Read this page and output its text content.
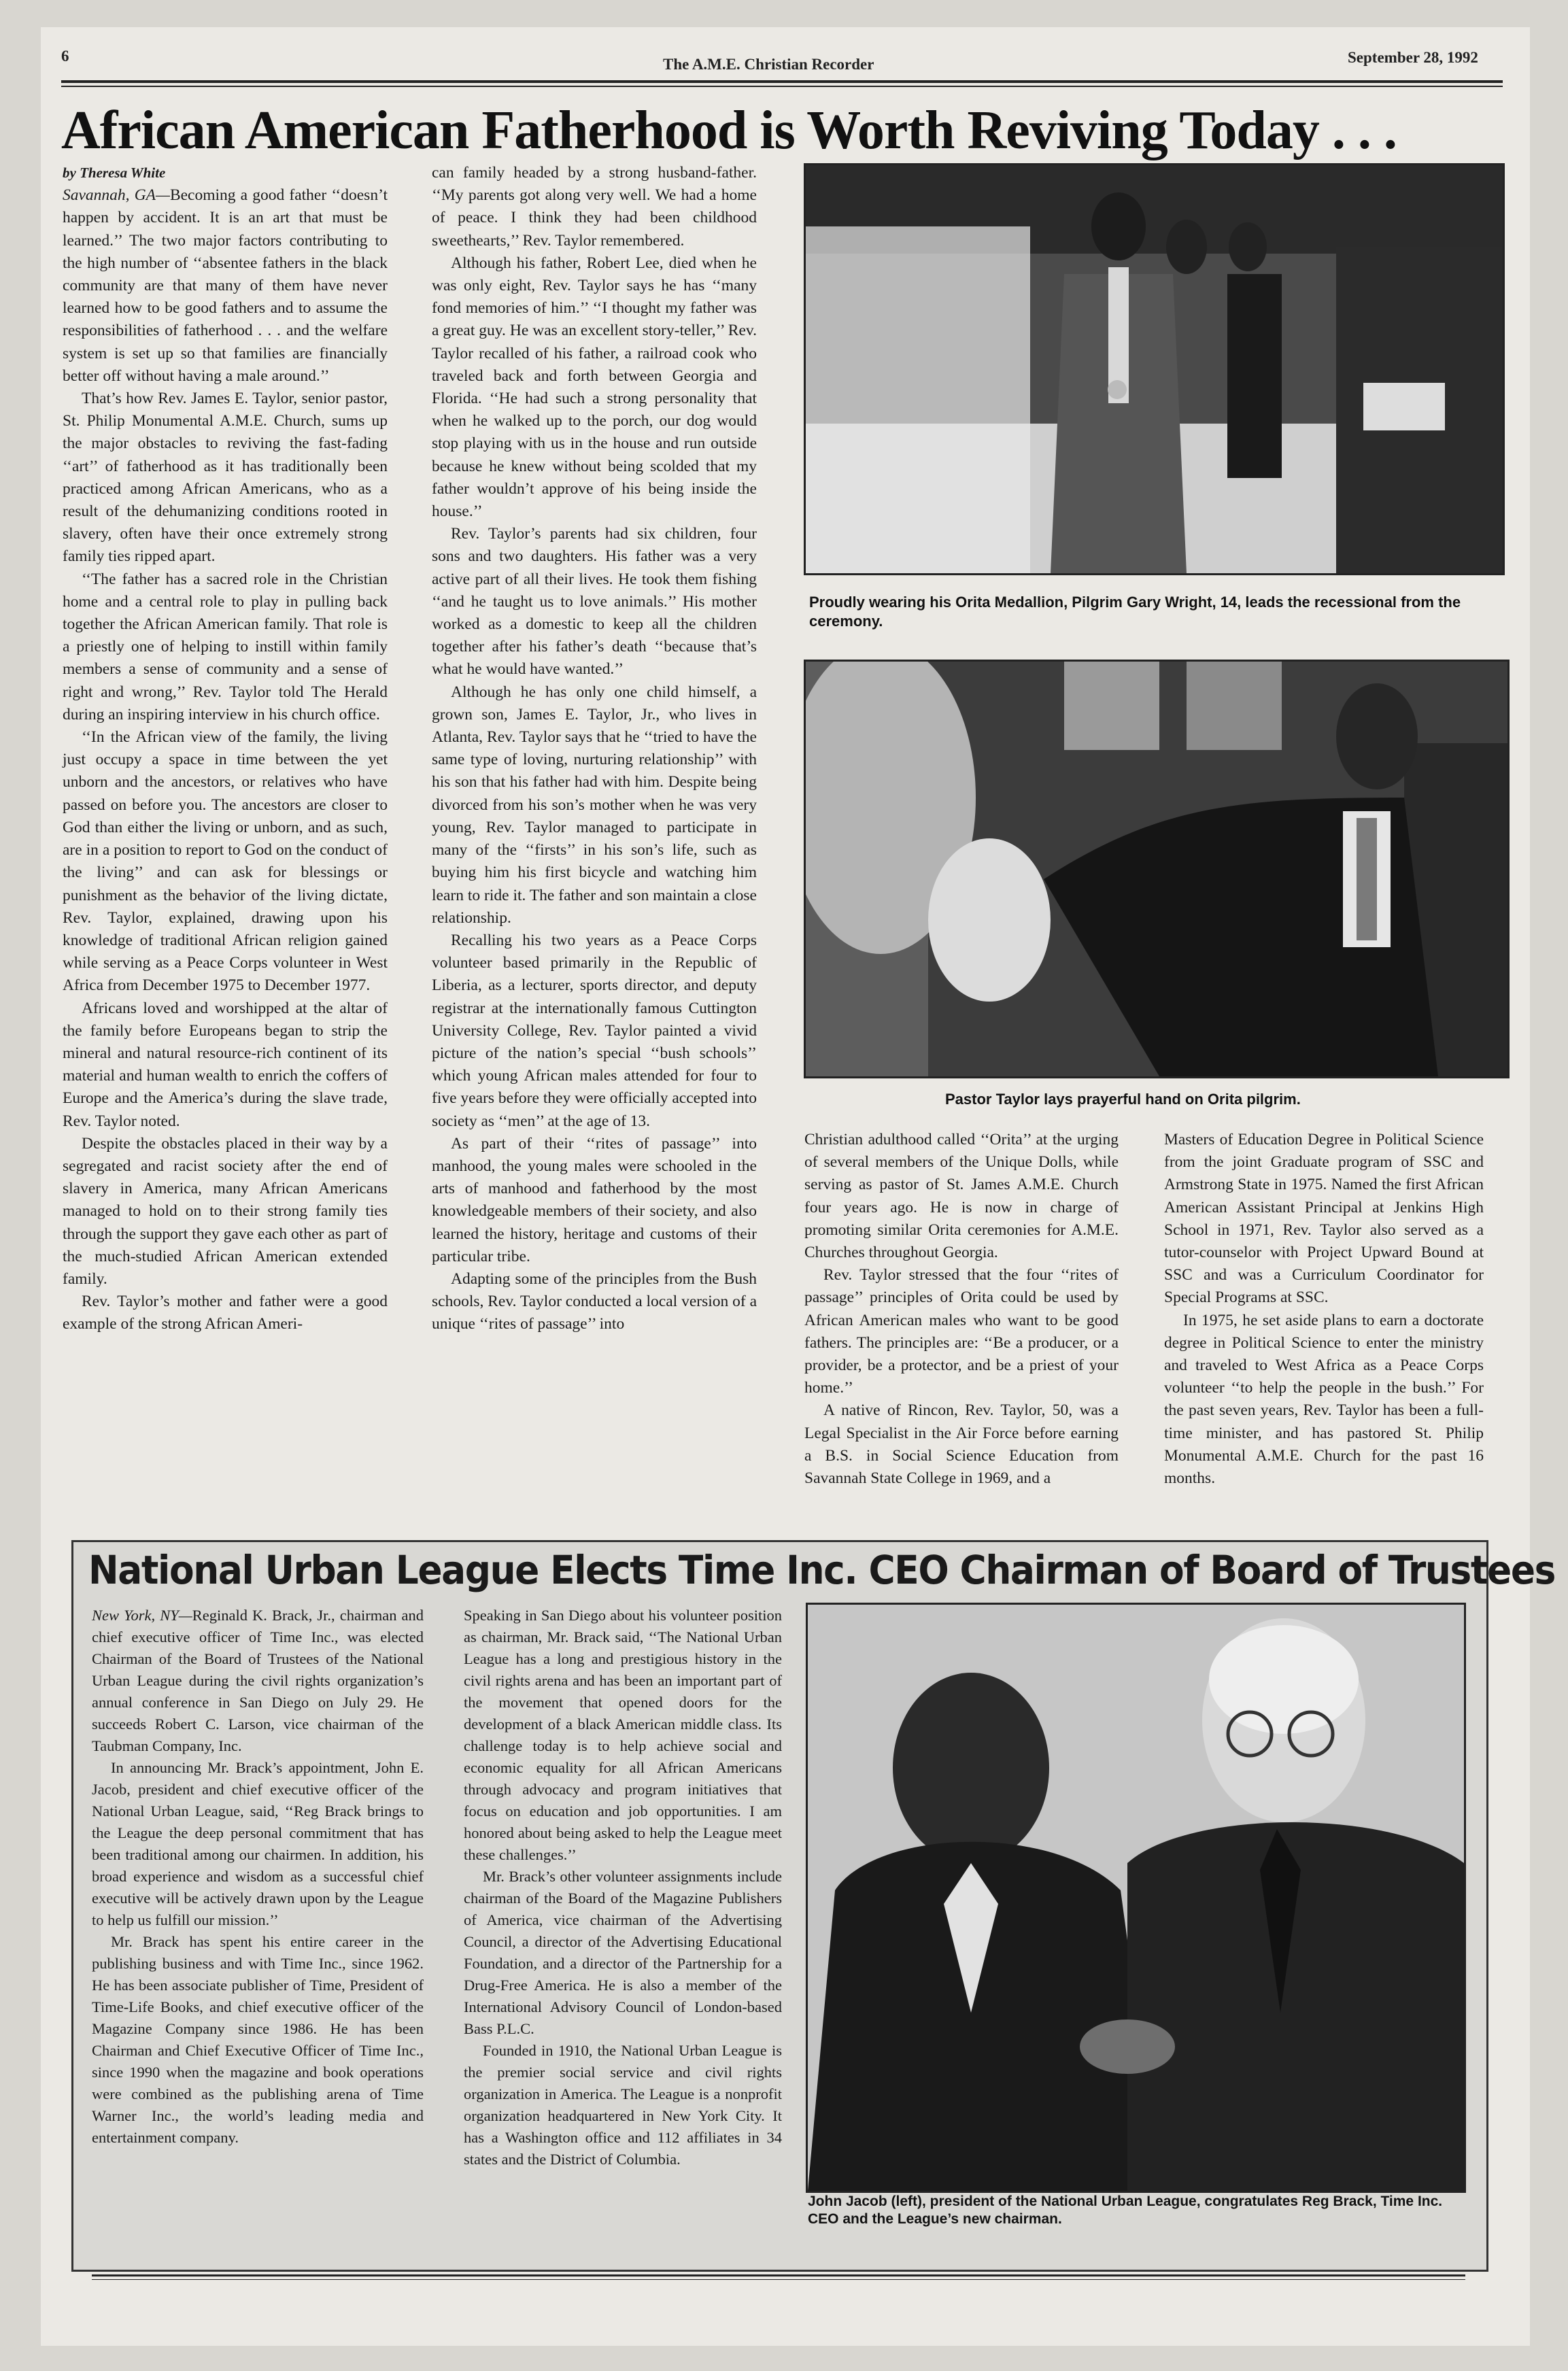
6	The A.M.E. Christian Recorder	September 28, 1992
African American Fatherhood is Worth Reviving Today . . .

by Theresa White

Savannah, GA—Becoming a good father ‘‘doesn’t happen by accident. It is an art that must be learned.’’ The two major factors contributing to the high number of ‘‘absentee fathers in the black community are that many of them have never learned how to be good fathers and to assume the responsibilities of fatherhood . . . and the welfare system is set up so that families are financially better off without having a male around.’’

That’s how Rev. James E. Taylor, senior pastor, St. Philip Monumental A.M.E. Church, sums up the major obstacles to reviving the fast-fading ‘‘art’’ of fatherhood as it has traditionally been practiced among African Americans, who as a result of the dehumanizing conditions rooted in slavery, often have their once extremely strong family ties ripped apart.

‘‘The father has a sacred role in the Christian home and a central role to play in pulling back together the African American family. That role is a priestly one of helping to instill within family members a sense of community and a sense of right and wrong,’’ Rev. Taylor told The Herald during an inspiring interview in his church office.

‘‘In the African view of the family, the living just occupy a space in time between the yet unborn and the ancestors, or relatives who have passed on before you. The ancestors are closer to God than either the living or unborn, and as such, are in a position to report to God on the conduct of the living’’ and can ask for blessings or punishment as the behavior of the living dictate, Rev. Taylor, explained, drawing upon his knowledge of traditional African religion gained while serving as a Peace Corps volunteer in West Africa from December 1975 to December 1977.

Africans loved and worshipped at the altar of the family before Europeans began to strip the mineral and natural resource-rich continent of its material and human wealth to enrich the coffers of Europe and the America’s during the slave trade, Rev. Taylor noted.

Despite the obstacles placed in their way by a segregated and racist society after the end of slavery in America, many African Americans managed to hold on to their strong family ties through the support they gave each other as part of the much-studied African American extended family.

Rev. Taylor’s mother and father were a good example of the strong African Ameri-

can family headed by a strong husband-father. ‘‘My parents got along very well. We had a home of peace. I think they had been childhood sweethearts,’’ Rev. Taylor remembered.

Although his father, Robert Lee, died when he was only eight, Rev. Taylor says he has ‘‘many fond memories of him.’’ ‘‘I thought my father was a great guy. He was an excellent story-teller,’’ Rev. Taylor recalled of his father, a railroad cook who traveled back and forth between Georgia and Florida. ‘‘He had such a strong personality that when he walked up to the porch, our dog would stop playing with us in the house and run outside because he knew without being scolded that my father wouldn’t approve of his being inside the house.’’

Rev. Taylor’s parents had six children, four sons and two daughters. His father was a very active part of all their lives. He took them fishing ‘‘and he taught us to love animals.’’ His mother worked as a domestic to keep all the children together after his father’s death ‘‘because that’s what he would have wanted.’’

Although he has only one child himself, a grown son, James E. Taylor, Jr., who lives in Atlanta, Rev. Taylor says that he ‘‘tried to have the same type of loving, nurturing relationship’’ with his son that his father had with him. Despite being divorced from his son’s mother when he was very young, Rev. Taylor managed to participate in many of the ‘‘firsts’’ in his son’s life, such as buying him his first bicycle and watching him learn to ride it. The father and son maintain a close relationship.

Recalling his two years as a Peace Corps volunteer based primarily in the Republic of Liberia, as a lecturer, sports director, and deputy registrar at the internationally famous Cuttington University College, Rev. Taylor painted a vivid picture of the nation’s special ‘‘bush schools’’ which young African males attended for four to five years before they were officially accepted into society as ‘‘men’’ at the age of 13.

As part of their ‘‘rites of passage’’ into manhood, the young males were schooled in the arts of manhood and fatherhood by the most knowledgeable members of their society, and also learned the history, heritage and customs of their particular tribe.

Adapting some of the principles from the Bush schools, Rev. Taylor conducted a local version of a unique ‘‘rites of passage’’ into

Proudly wearing his Orita Medallion, Pilgrim Gary Wright, 14, leads the recessional from the ceremony.
Pastor Taylor lays prayerful hand on Orita pilgrim.

Christian adulthood called ‘‘Orita’’ at the urging of several members of the Unique Dolls, while serving as pastor of St. James A.M.E. Church four years ago. He is now in charge of promoting similar Orita ceremonies for A.M.E. Churches throughout Georgia.

Rev. Taylor stressed that the four ‘‘rites of passage’’ principles of Orita could be used by African American males who want to be good fathers. The principles are: ‘‘Be a producer, or a provider, be a protector, and be a priest of your home.’’

A native of Rincon, Rev. Taylor, 50, was a Legal Specialist in the Air Force before earning a B.S. in Social Science Education from Savannah State College in 1969, and a

Masters of Education Degree in Political Science from the joint Graduate program of SSC and Armstrong State in 1975. Named the first African American Assistant Principal at Jenkins High School in 1971, Rev. Taylor also served as a tutor-counselor with Project Upward Bound at SSC and was a Curriculum Coordinator for Special Programs at SSC.

In 1975, he set aside plans to earn a doctorate degree in Political Science to enter the ministry and traveled to West Africa as a Peace Corps volunteer ‘‘to help the people in the bush.’’ For the past seven years, Rev. Taylor has been a full-time minister, and has pastored St. Philip Monumental A.M.E. Church for the past 16 months.

National Urban League Elects Time Inc. CEO Chairman of Board of Trustees

New York, NY—Reginald K. Brack, Jr., chairman and chief executive officer of Time Inc., was elected Chairman of the Board of Trustees of the National Urban League during the civil rights organization’s annual conference in San Diego on July 29. He succeeds Robert C. Larson, vice chairman of the Taubman Company, Inc.

In announcing Mr. Brack’s appointment, John E. Jacob, president and chief executive officer of the National Urban League, said, ‘‘Reg Brack brings to the League the deep personal commitment that has been traditional among our chairmen. In addition, his broad experience and wisdom as a successful chief executive will be actively drawn upon by the League to help us fulfill our mission.’’

Mr. Brack has spent his entire career in the publishing business and with Time Inc., since 1962. He has been associate publisher of Time, President of Time-Life Books, and chief executive officer of the Magazine Company since 1986. He has been Chairman and Chief Executive Officer of Time Inc., since 1990 when the magazine and book operations were combined as the publishing arena of Time Warner Inc., the world’s leading media and entertainment company.

Speaking in San Diego about his volunteer position as chairman, Mr. Brack said, ‘‘The National Urban League has a long and prestigious history in the civil rights arena and has been an important part of the movement that opened doors for the development of a black American middle class. Its challenge today is to help achieve social and economic equality for all African Americans through advocacy and program initiatives that focus on education and job opportunities. I am honored about being asked to help the League meet these challenges.’’

Mr. Brack’s other volunteer assignments include chairman of the Board of the Magazine Publishers of America, vice chairman of the Advertising Council, a director of the Advertising Educational Foundation, and a director of the Partnership for a Drug-Free America. He is also a member of the International Advisory Council of London-based Bass P.L.C.

Founded in 1910, the National Urban League is the premier social service and civil rights organization in America. The League is a nonprofit organization headquartered in New York City. It has a Washington office and 112 affiliates in 34 states and the District of Columbia.

John Jacob (left), president of the National Urban League, congratulates Reg Brack, Time Inc. CEO and the League’s new chairman.
